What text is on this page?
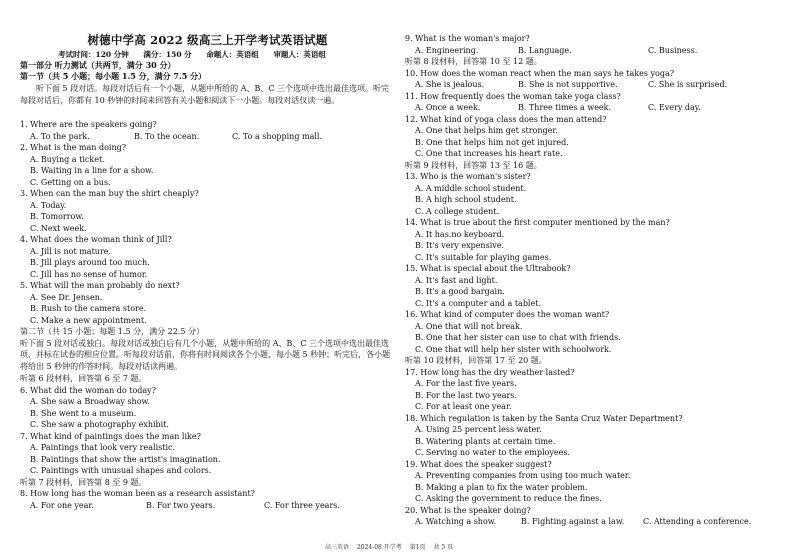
树德中学高 2022 级高三上开学考试英语试题
考试时间：120 分钟 满分：150 分 命题人：英语组 审题人：英语组
第一部分 听力测试（共两节，满分 30 分）
第一节（共 5 小题；每小题 1.5 分，满分 7.5 分）
听下面 5 段对话。每段对话后有一个小题，从题中所给的 A、B、C 三个选项中选出最佳选项。听完每段对话后，你都有 10 秒钟的时间来回答有关小题和阅读下一小题。每段对话仅读一遍。
1. Where are the speakers going?
A. To the park.	B. To the ocean.	C. To a shopping mall.
2. What is the man doing?
A. Buying a ticket.
B. Waiting in a line for a show.
C. Getting on a bus.
3. When can the man buy the shirt cheaply?
A. Today.
B. Tomorrow.
C. Next week.
4. What does the woman think of Jill?
A. Jill is not mature.
B. Jill plays around too much.
C. Jill has no sense of humor.
5. What will the man probably do next?
A. See Dr. Jensen.
B. Rush to the camera store.
C. Make a new appointment.
第二节（共 15 小题；每题 1.5 分，满分 22.5 分）
听下面 5 段对话或独白。每段对话或独白后有几个小题，从题中所给的 A、B、C 三个选项中选出最佳选项，并标在试卷的相应位置。听每段对话前，你将有时间阅读各个小题，每小题 5 秒钟；听完后，各小题将给出 5 秒钟的作答时间。每段对话读两遍。
听第 6 段材料，回答第 6 至 7 题。
6. What did the woman do today?
A. She saw a Broadway show.
B. She went to a museum.
C. She saw a photography exhibit.
7. What kind of paintings does the man like?
A. Paintings that look very realistic.
B. Paintings that show the artist's imagination.
C. Paintings with unusual shapes and colors.
听第 7 段材料，回答第 8 至 9 题。
8. How long has the woman been as a research assistant?
A. For one year.	B. For two years.	C. For three years.
9. What is the woman's major?
A. Engineering.	B. Language.	C. Business.
听第 8 段材料，回答第 10 至 12 题。
10. How does the woman react when the man says he takes yoga?
A. She is jealous.	B. She is not supportive.	C. She is surprised.
11. How frequently does the woman take yoga class?
A. Once a week.	B. Three times a week.	C. Every day.
12. What kind of yoga class does the man attend?
A. One that helps him get stronger.
B. One that helps him not get injured.
C. One that increases his heart rate.
听第 9 段材料，回答第 13 至 16 题。
13. Who is the woman's sister?
A. A middle school student.
B. A high school student.
C. A college student.
14. What is true about the first computer mentioned by the man?
A. It has.no keyboard.
B. It's very expensive.
C. It's suitable for playing games.
15. What is special about the Ultrabook?
A. It's fast and light.
B. It's a good bargain.
C. It's a computer and a tablet.
16. What kind of computer does the woman want?
A. One that will not break.
B. One that her sister can use to chat with friends.
C. One that will help her sister with schoolwork.
听第 10 段材料，回答第 17 至 20 题。
17. How long has the dry weather lasted?
A. For the last five years.
B. For the last two years.
C. For at least one year.
18. Which regulation is taken by the Santa Cruz Water Department?
A. Using 25 percent less water.
B. Watering plants at certain time.
C. Serving no water to the employees.
19. What does the speaker suggest?
A. Preventing companies from using too much water.
B. Making a plan to fix the water problem.
C. Asking the government to reduce the fines.
20. What is the speaker doing?
A. Watching a show.	B. Fighting against a law.	C. Attending a conference.
高三英语 2024-08 开学考 第1页 共 5 页
